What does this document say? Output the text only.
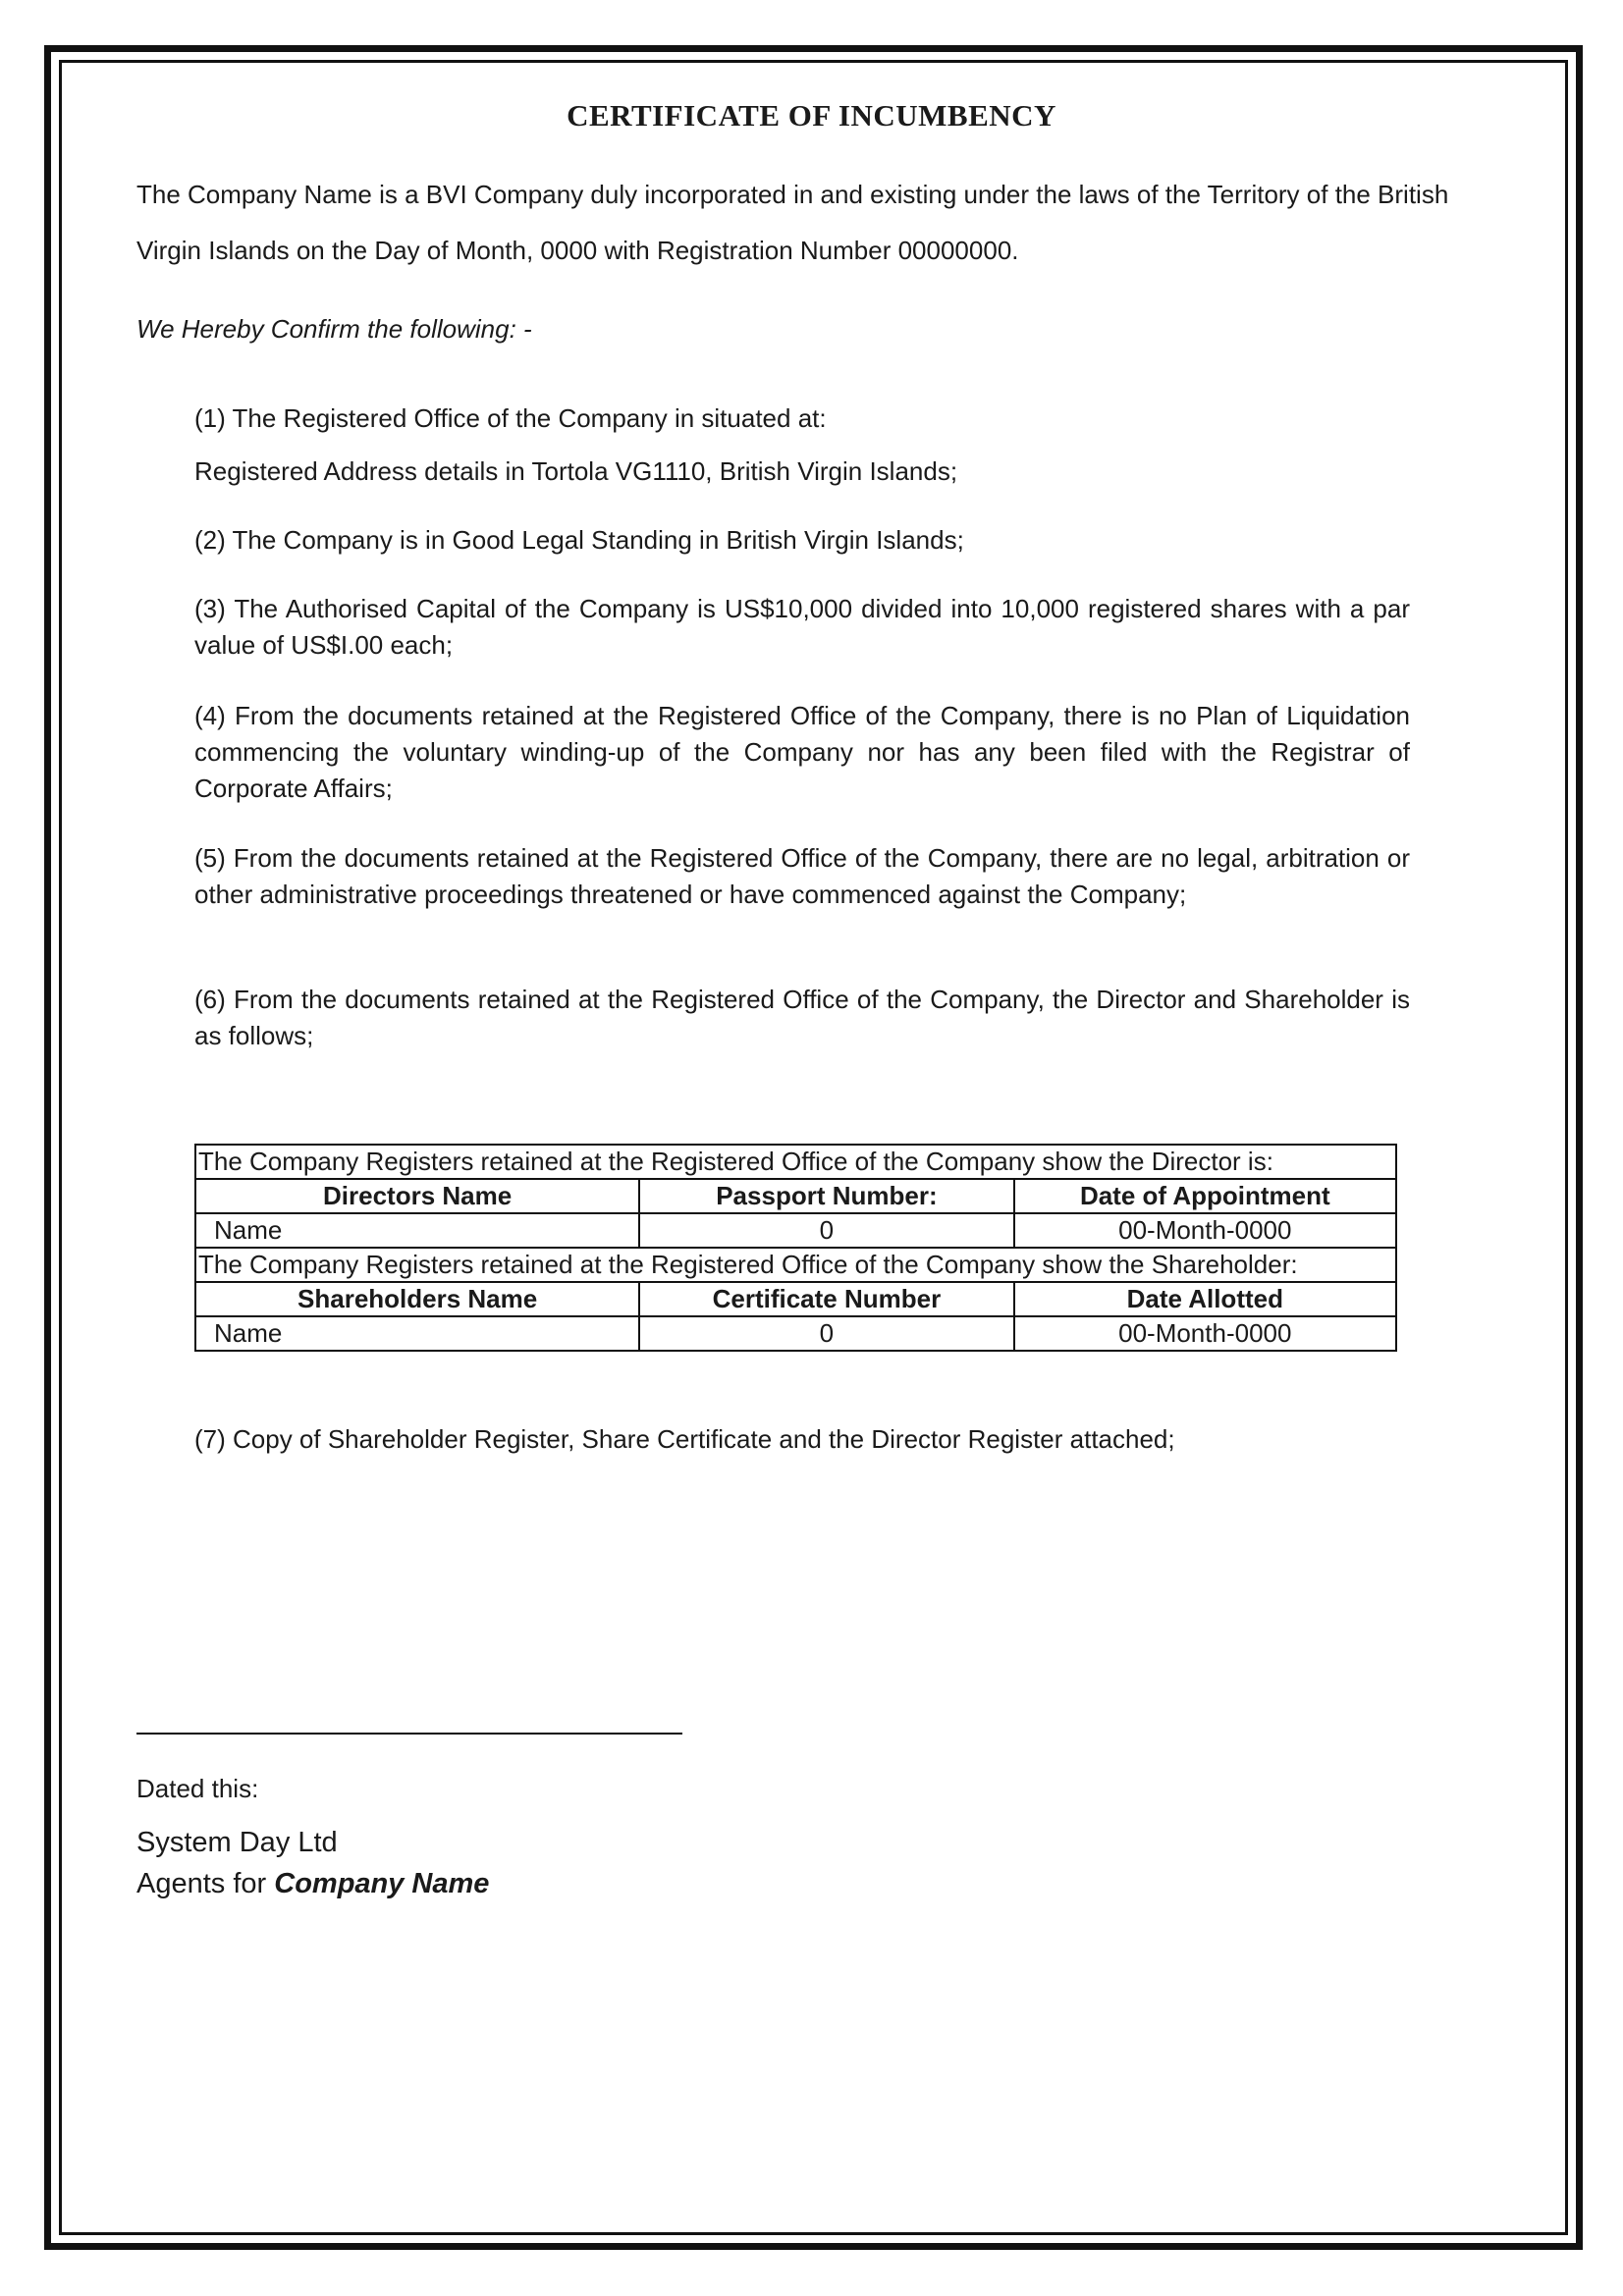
CERTIFICATE OF INCUMBENCY

The Company Name is a BVI Company duly incorporated in and existing under the laws of the Territory of the British Virgin Islands on the Day of Month, 0000 with Registration Number 00000000.

We Hereby Confirm the following: -

(1) The Registered Office of the Company in situated at:

Registered Address details in Tortola VG1110, British Virgin Islands;

(2) The Company is in Good Legal Standing in British Virgin Islands;

(3) The Authorised Capital of the Company is US$10,000 divided into 10,000 registered shares with a par value of US$I.00 each;

(4) From the documents retained at the Registered Office of the Company, there is no Plan of Liquidation commencing the voluntary winding-up of the Company nor has any been filed with the Registrar of Corporate Affairs;

(5) From the documents retained at the Registered Office of the Company, there are no legal, arbitration or other administrative proceedings threatened or have commenced against the Company;

(6) From the documents retained at the Registered Office of the Company, the Director and Shareholder is as follows;

The Company Registers retained at the Registered Office of the Company show the Director is:		
Directors Name	Passport Number:	Date of Appointment
Name	0	00-Month-0000
The Company Registers retained at the Registered Office of the Company show the Shareholder:		
Shareholders Name	Certificate Number	Date Allotted
Name	0	00-Month-0000

(7) Copy of Shareholder Register, Share Certificate and the Director Register attached;

Dated this:

System Day Ltd

Agents for Company Name
